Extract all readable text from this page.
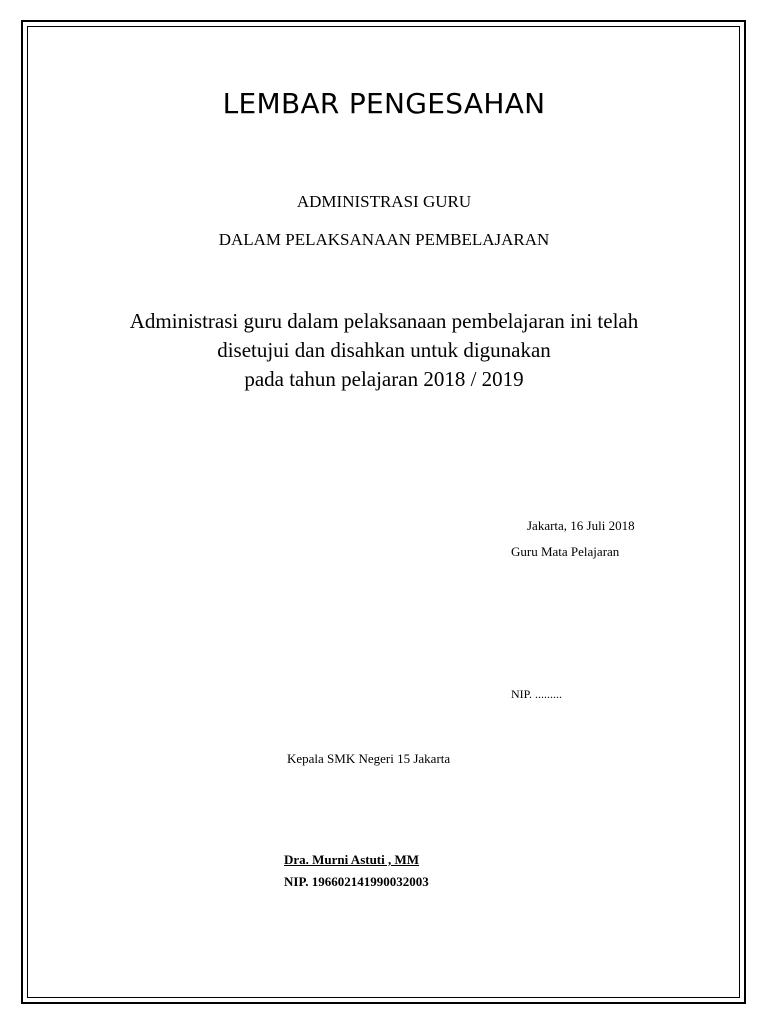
LEMBAR PENGESAHAN
ADMINISTRASI GURU
DALAM PELAKSANAAN PEMBELAJARAN
Administrasi guru dalam pelaksanaan pembelajaran ini telah
disetujui dan disahkan untuk digunakan
pada tahun pelajaran 2018 / 2019
Jakarta, 16 Juli 2018
Guru Mata Pelajaran
NIP. .........
Kepala SMK Negeri 15 Jakarta
Dra. Murni Astuti , MM
NIP. 196602141990032003
